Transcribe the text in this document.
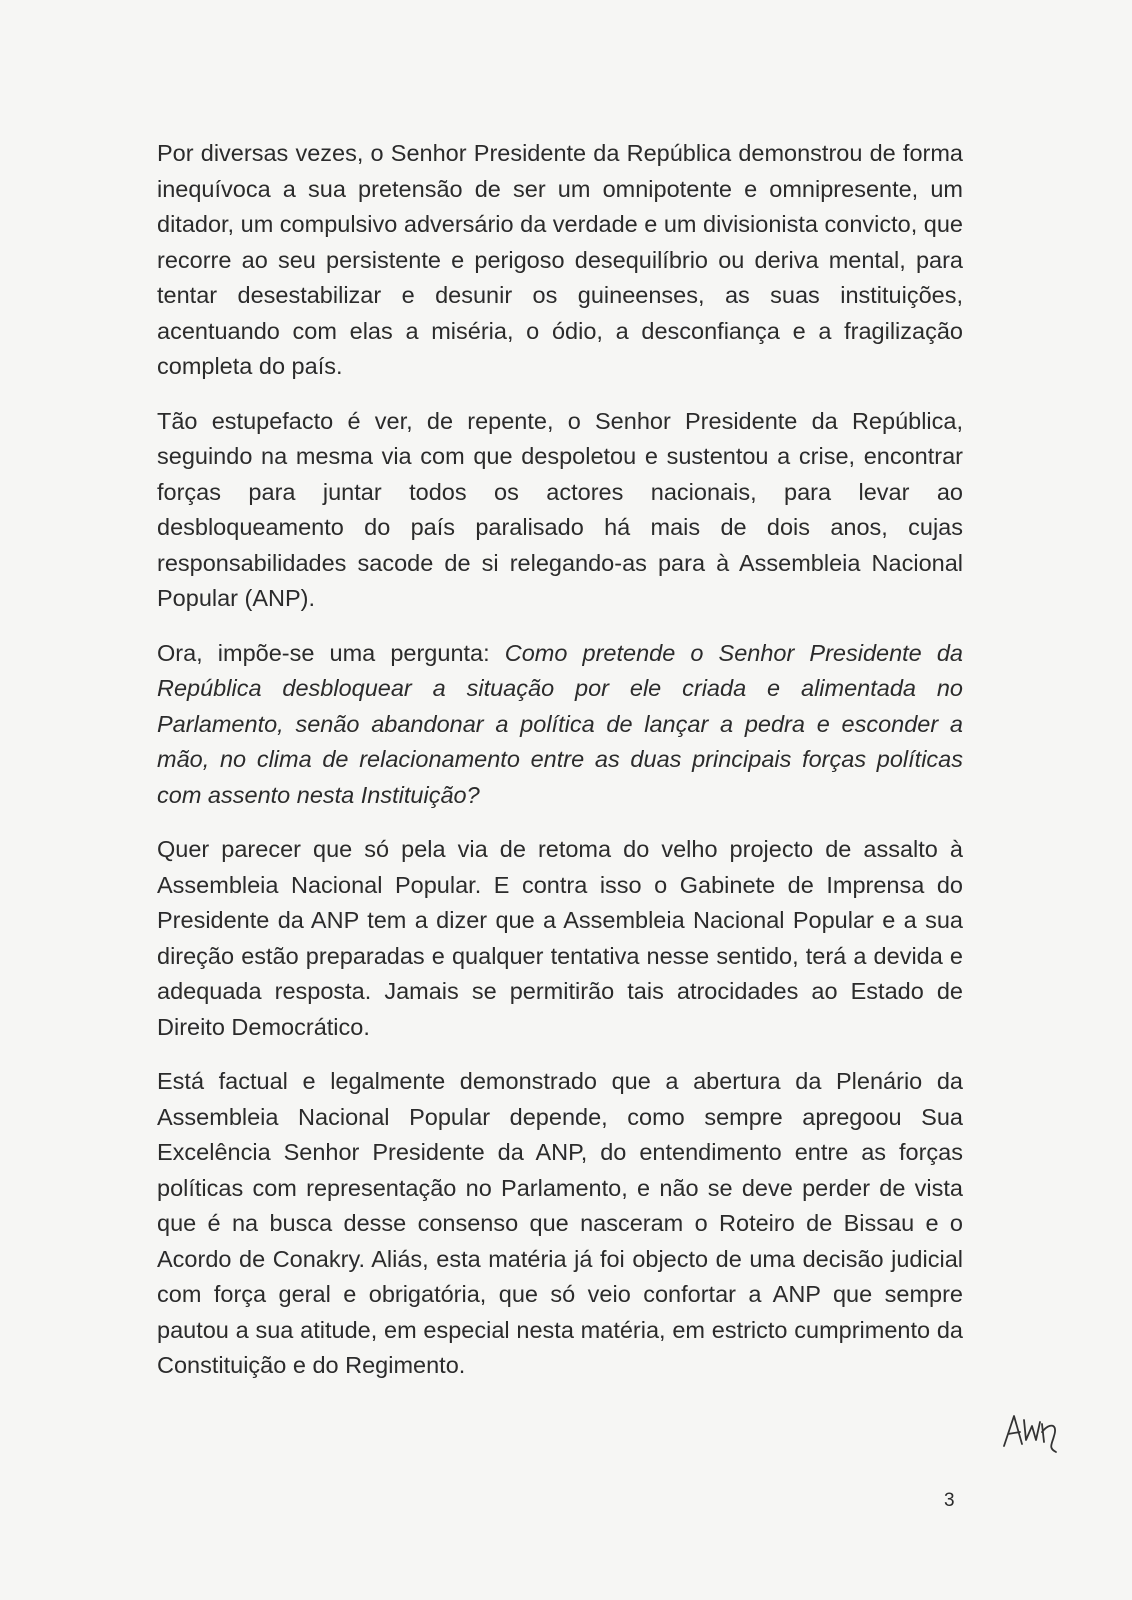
Por diversas vezes, o Senhor Presidente da República demonstrou de forma inequívoca a sua pretensão de ser um omnipotente e omnipresente, um ditador, um compulsivo adversário da verdade e um divisionista convicto, que recorre ao seu persistente e perigoso desequilíbrio ou deriva mental, para tentar desestabilizar e desunir os guineenses, as suas instituições, acentuando com elas a miséria, o ódio, a desconfiança e a fragilização completa do país.

Tão estupefacto é ver, de repente, o Senhor Presidente da República, seguindo na mesma via com que despoletou e sustentou a crise, encontrar forças para juntar todos os actores nacionais, para levar ao desbloqueamento do país paralisado há mais de dois anos, cujas responsabilidades sacode de si relegando-as para à Assembleia Nacional Popular (ANP).

Ora, impõe-se uma pergunta: Como pretende o Senhor Presidente da República desbloquear a situação por ele criada e alimentada no Parlamento, senão abandonar a política de lançar a pedra e esconder a mão, no clima de relacionamento entre as duas principais forças políticas com assento nesta Instituição?

Quer parecer que só pela via de retoma do velho projecto de assalto à Assembleia Nacional Popular. E contra isso o Gabinete de Imprensa do Presidente da ANP tem a dizer que a Assembleia Nacional Popular e a sua direção estão preparadas e qualquer tentativa nesse sentido, terá a devida e adequada resposta. Jamais se permitirão tais atrocidades ao Estado de Direito Democrático.

Está factual e legalmente demonstrado que a abertura da Plenário da Assembleia Nacional Popular depende, como sempre apregoou Sua Excelência Senhor Presidente da ANP, do entendimento entre as forças políticas com representação no Parlamento, e não se deve perder de vista que é na busca desse consenso que nasceram o Roteiro de Bissau e o Acordo de Conakry. Aliás, esta matéria já foi objecto de uma decisão judicial com força geral e obrigatória, que só veio confortar a ANP que sempre pautou a sua atitude, em especial nesta matéria, em estricto cumprimento da Constituição e do Regimento.

3
